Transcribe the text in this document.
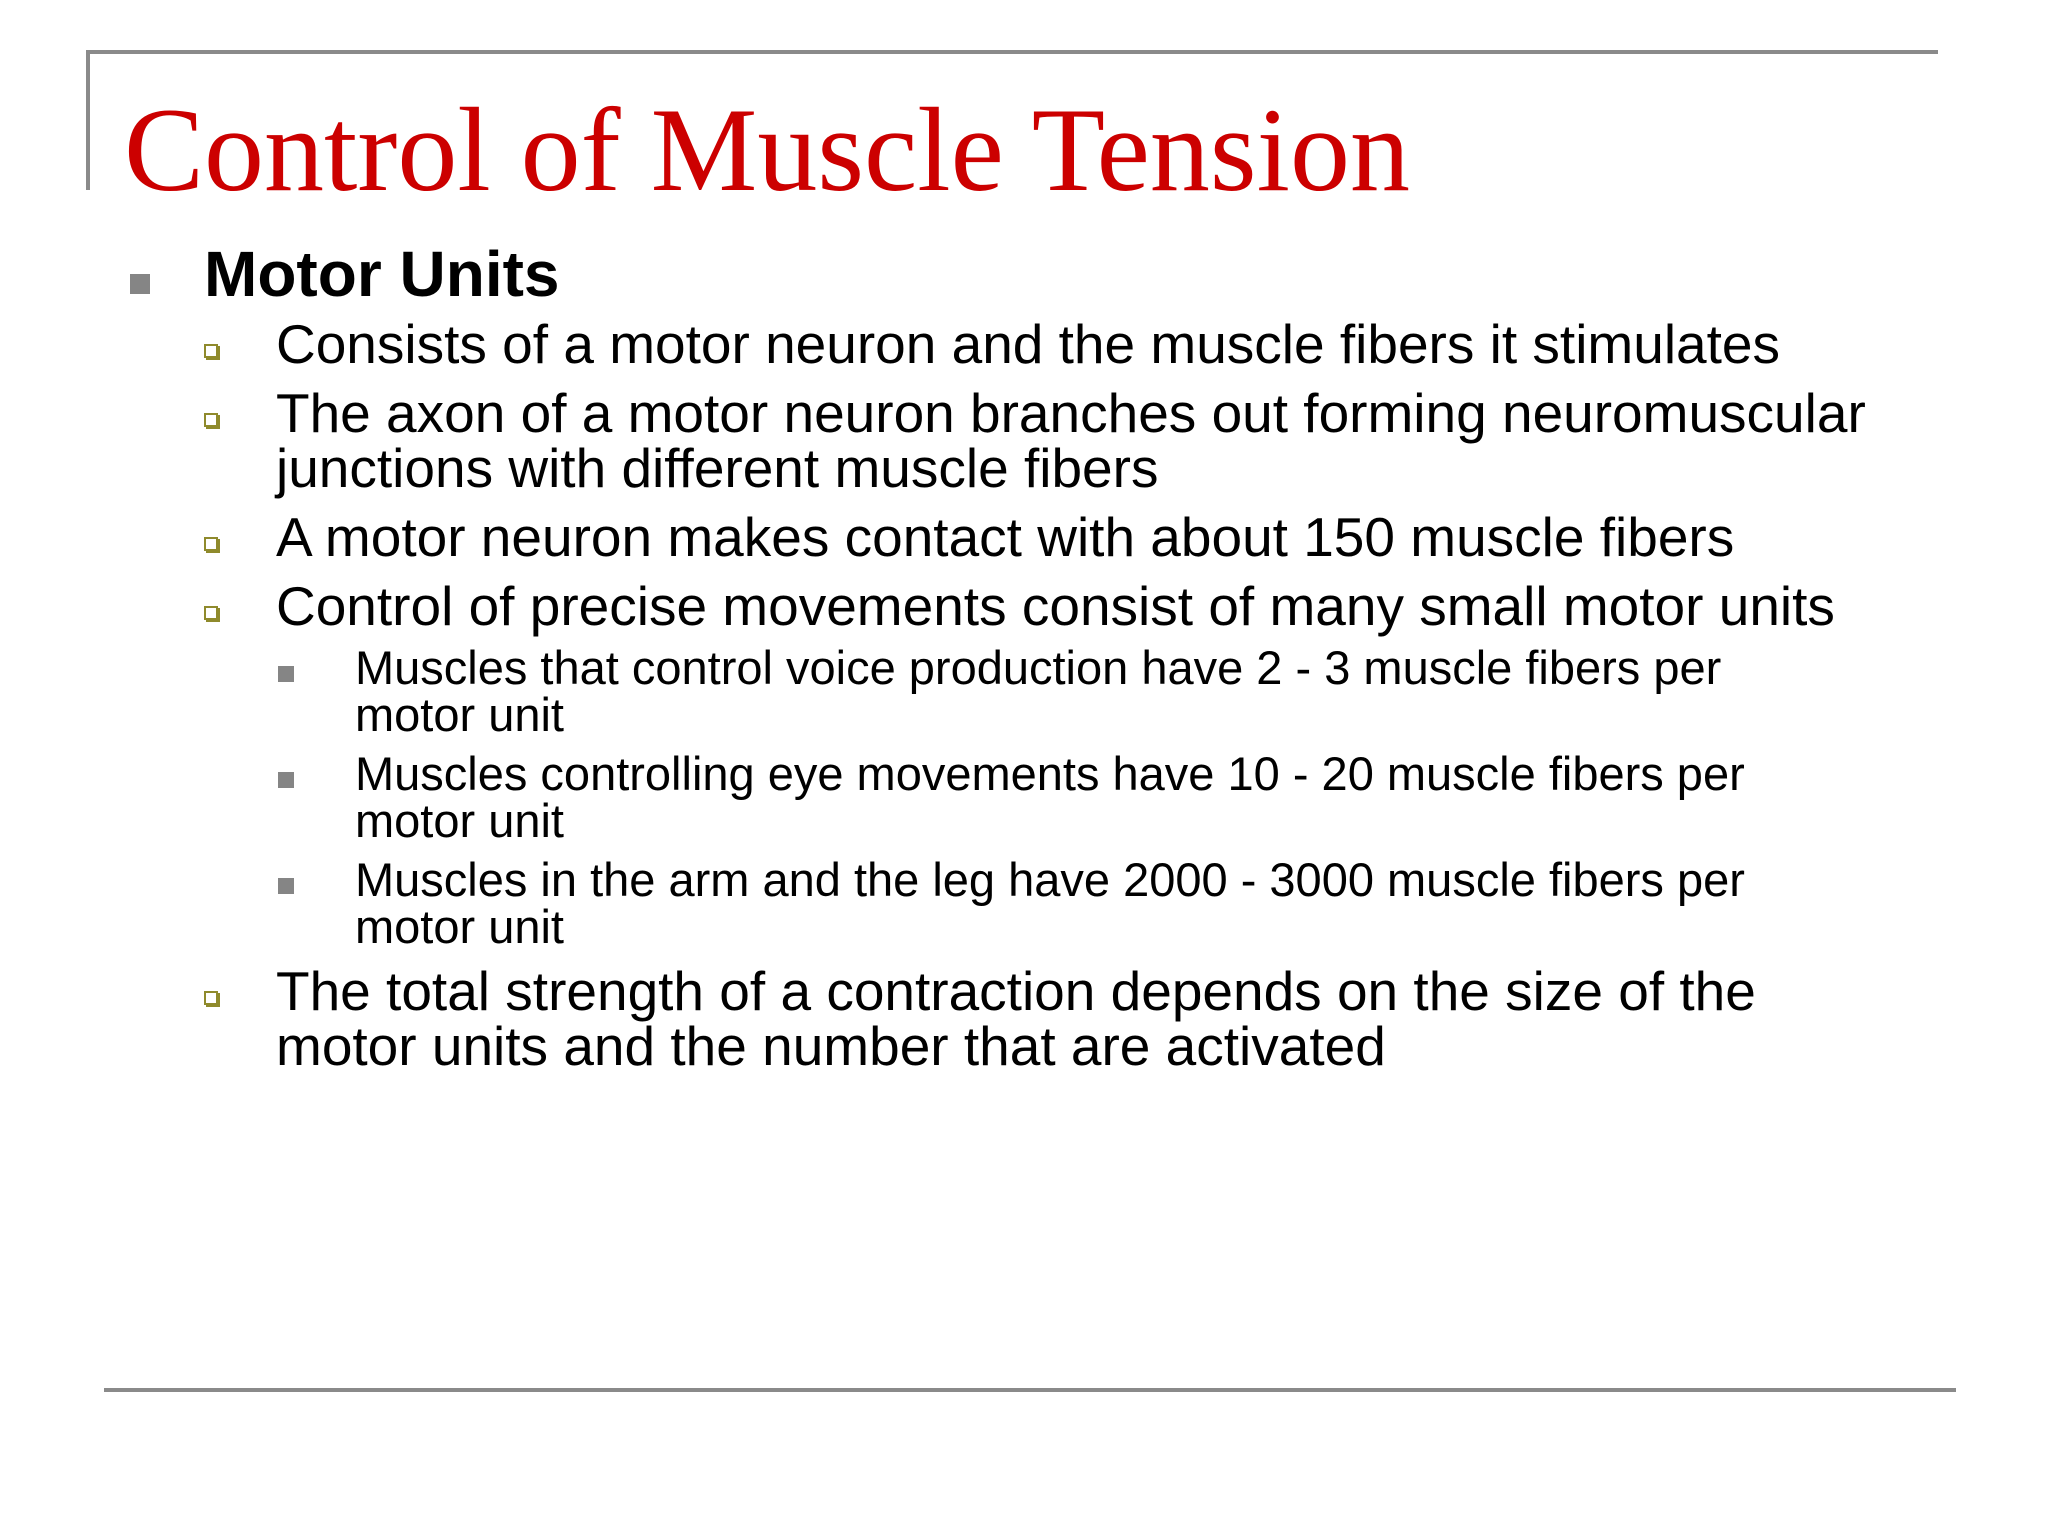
Control of Muscle Tension
Motor Units
Consists of a motor neuron and the muscle fibers it stimulates
The axon of a motor neuron branches out forming neuromuscular
junctions with different muscle fibers
A motor neuron makes contact with about 150 muscle fibers
Control of precise movements consist of many small motor units
Muscles that control voice production have 2 - 3 muscle fibers per
motor unit
Muscles controlling eye movements have 10 - 20 muscle fibers per
motor unit
Muscles in the arm and the leg have 2000 - 3000 muscle fibers per
motor unit
The total strength of a contraction depends on the size of the
motor units and the number that are activated
